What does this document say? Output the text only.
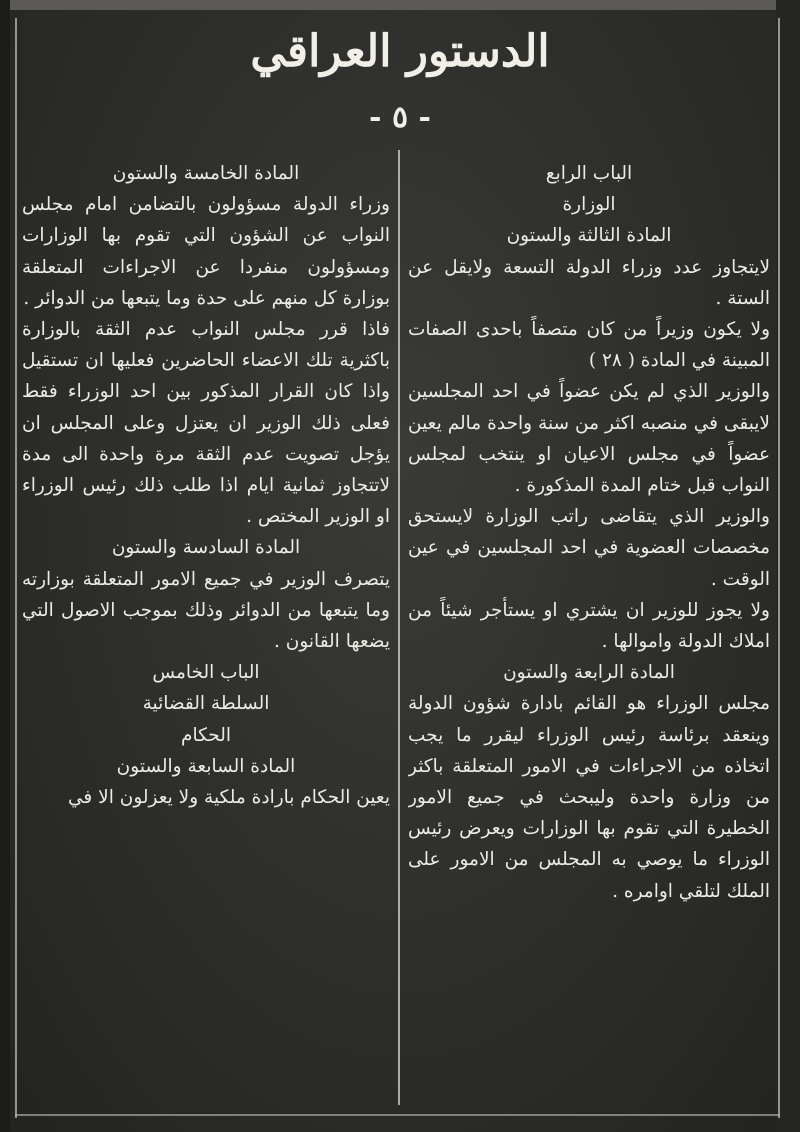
الدستور العراقي
- ٥ -

الباب الرابع

الوزارة

المادة الثالثة والستون

لايتجاوز عدد وزراء الدولة التسعة ولايقل عن الستة .

ولا يكون وزيراً من كان متصفاً باحدى الصفات المبينة في المادة ( ٢٨ )

والوزير الذي لم يكن عضواً في احد المجلسين لايبقى في منصبه اكثر من سنة واحدة مالم يعين عضواً في مجلس الاعيان او ينتخب لمجلس النواب قبل ختام المدة المذكورة .

والوزير الذي يتقاضى راتب الوزارة لايستحق مخصصات العضوية في احد المجلسين في عين الوقت .

ولا يجوز للوزير ان يشتري او يستأجر شيئاً من املاك الدولة واموالها .

المادة الرابعة والستون

مجلس الوزراء هو القائم بادارة شؤون الدولة وينعقد برئاسة رئيس الوزراء ليقرر ما يجب اتخاذه من الاجراءات في الامور المتعلقة باكثر من وزارة واحدة وليبحث في جميع الامور الخطيرة التي تقوم بها الوزارات ويعرض رئيس الوزراء ما يوصي به المجلس من الامور على الملك لتلقي اوامره .

المادة الخامسة والستون

وزراء الدولة مسؤولون بالتضامن امام مجلس النواب عن الشؤون التي تقوم بها الوزارات ومسؤولون منفردا عن الاجراءات المتعلقة بوزارة كل منهم على حدة وما يتبعها من الدوائر .

فاذا قرر مجلس النواب عدم الثقة بالوزارة باكثرية تلك الاعضاء الحاضرين فعليها ان تستقيل واذا كان القرار المذكور بين احد الوزراء فقط فعلى ذلك الوزير ان يعتزل وعلى المجلس ان يؤجل تصويت عدم الثقة مرة واحدة الى مدة لاتتجاوز ثمانية ايام اذا طلب ذلك رئيس الوزراء او الوزير المختص .

المادة السادسة والستون

يتصرف الوزير في جميع الامور المتعلقة بوزارته وما يتبعها من الدوائر وذلك بموجب الاصول التي يضعها القانون .

الباب الخامس

السلطة القضائية

الحكام

المادة السابعة والستون

يعين الحكام بارادة ملكية ولا يعزلون الا في
